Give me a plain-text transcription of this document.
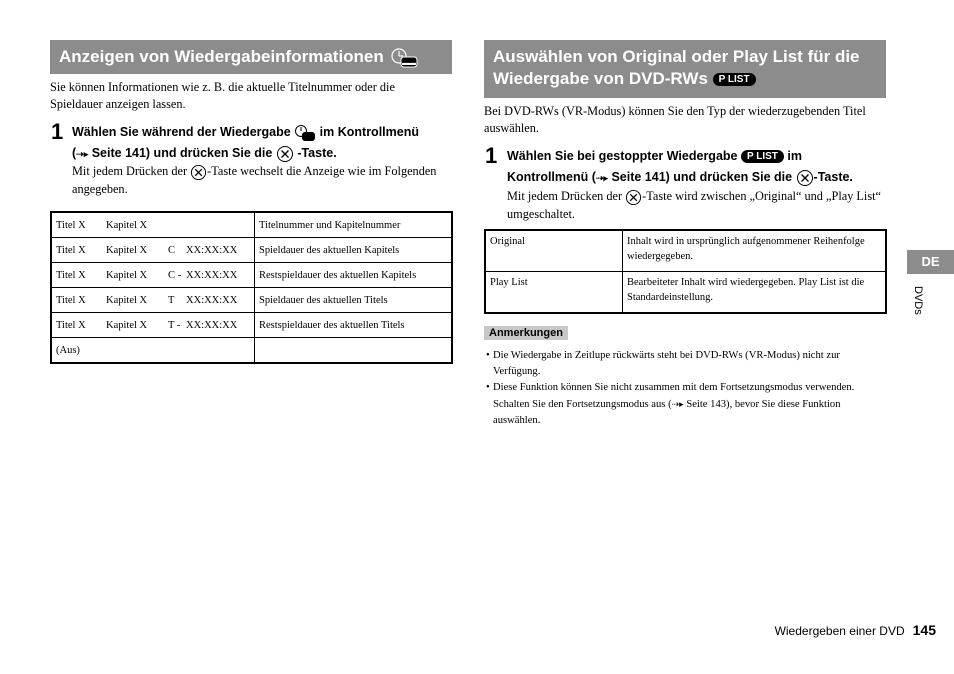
Anzeigen von Wiedergabeinformationen	▬▬
Sie können Informationen wie z. B. die aktuelle Titelnummer oder die Spieldauer anzeigen lassen.
1 Wählen Sie während der Wiedergabe im Kontrollmenü
(⇢▸ Seite 141) und drücken Sie die -Taste.
Mit jedem Drücken der -Taste wechselt die Anzeige wie im Folgenden angegeben.
Titel X Kapitel X	Titelnummer und Kapitelnummer
Titel X Kapitel X C XX:XX:XX	Spieldauer des aktuellen Kapitels
Titel X Kapitel X C - XX:XX:XX	Restspieldauer des aktuellen Kapitels
Titel X Kapitel X T XX:XX:XX	Spieldauer des aktuellen Titels
Titel X Kapitel X T - XX:XX:XX	Restspieldauer des aktuellen Titels
(Aus)	
Auswählen von Original oder Play List für die
Wiedergabe von DVD-RWs P LIST
Bei DVD-RWs (VR-Modus) können Sie den Typ der wiederzugebenden Titel auswählen.
1 Wählen Sie bei gestoppter Wiedergabe P LIST im
Kontrollmenü (⇢▸ Seite 141) und drücken Sie die -Taste.
Mit jedem Drücken der -Taste wird zwischen „Original“ und „Play List“ umgeschaltet.
Original	Inhalt wird in ursprünglich aufgenommener Reihenfolge wiedergegeben.
Play List	Bearbeiteter Inhalt wird wiedergegeben. Play List ist die Standardeinstellung.
Anmerkungen
• Die Wiedergabe in Zeitlupe rückwärts steht bei DVD-RWs (VR-Modus) nicht zur Verfügung.
• Diese Funktion können Sie nicht zusammen mit dem Fortsetzungsmodus verwenden. Schalten Sie den Fortsetzungsmodus aus (⇢▸ Seite 143), bevor Sie diese Funktion auswählen.
DE
DVDs
Wiedergeben einer DVD 145
